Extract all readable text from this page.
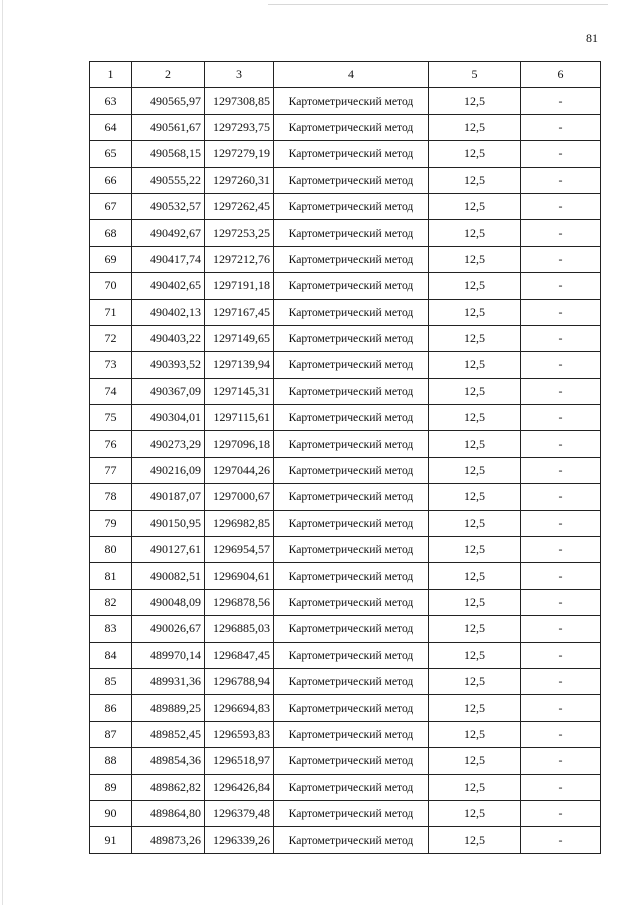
81
1	2	3	4	5	6
63	490565,97	1297308,85	Картометрический метод	12,5	-
64	490561,67	1297293,75	Картометрический метод	12,5	-
65	490568,15	1297279,19	Картометрический метод	12,5	-
66	490555,22	1297260,31	Картометрический метод	12,5	-
67	490532,57	1297262,45	Картометрический метод	12,5	-
68	490492,67	1297253,25	Картометрический метод	12,5	-
69	490417,74	1297212,76	Картометрический метод	12,5	-
70	490402,65	1297191,18	Картометрический метод	12,5	-
71	490402,13	1297167,45	Картометрический метод	12,5	-
72	490403,22	1297149,65	Картометрический метод	12,5	-
73	490393,52	1297139,94	Картометрический метод	12,5	-
74	490367,09	1297145,31	Картометрический метод	12,5	-
75	490304,01	1297115,61	Картометрический метод	12,5	-
76	490273,29	1297096,18	Картометрический метод	12,5	-
77	490216,09	1297044,26	Картометрический метод	12,5	-
78	490187,07	1297000,67	Картометрический метод	12,5	-
79	490150,95	1296982,85	Картометрический метод	12,5	-
80	490127,61	1296954,57	Картометрический метод	12,5	-
81	490082,51	1296904,61	Картометрический метод	12,5	-
82	490048,09	1296878,56	Картометрический метод	12,5	-
83	490026,67	1296885,03	Картометрический метод	12,5	-
84	489970,14	1296847,45	Картометрический метод	12,5	-
85	489931,36	1296788,94	Картометрический метод	12,5	-
86	489889,25	1296694,83	Картометрический метод	12,5	-
87	489852,45	1296593,83	Картометрический метод	12,5	-
88	489854,36	1296518,97	Картометрический метод	12,5	-
89	489862,82	1296426,84	Картометрический метод	12,5	-
90	489864,80	1296379,48	Картометрический метод	12,5	-
91	489873,26	1296339,26	Картометрический метод	12,5	-
